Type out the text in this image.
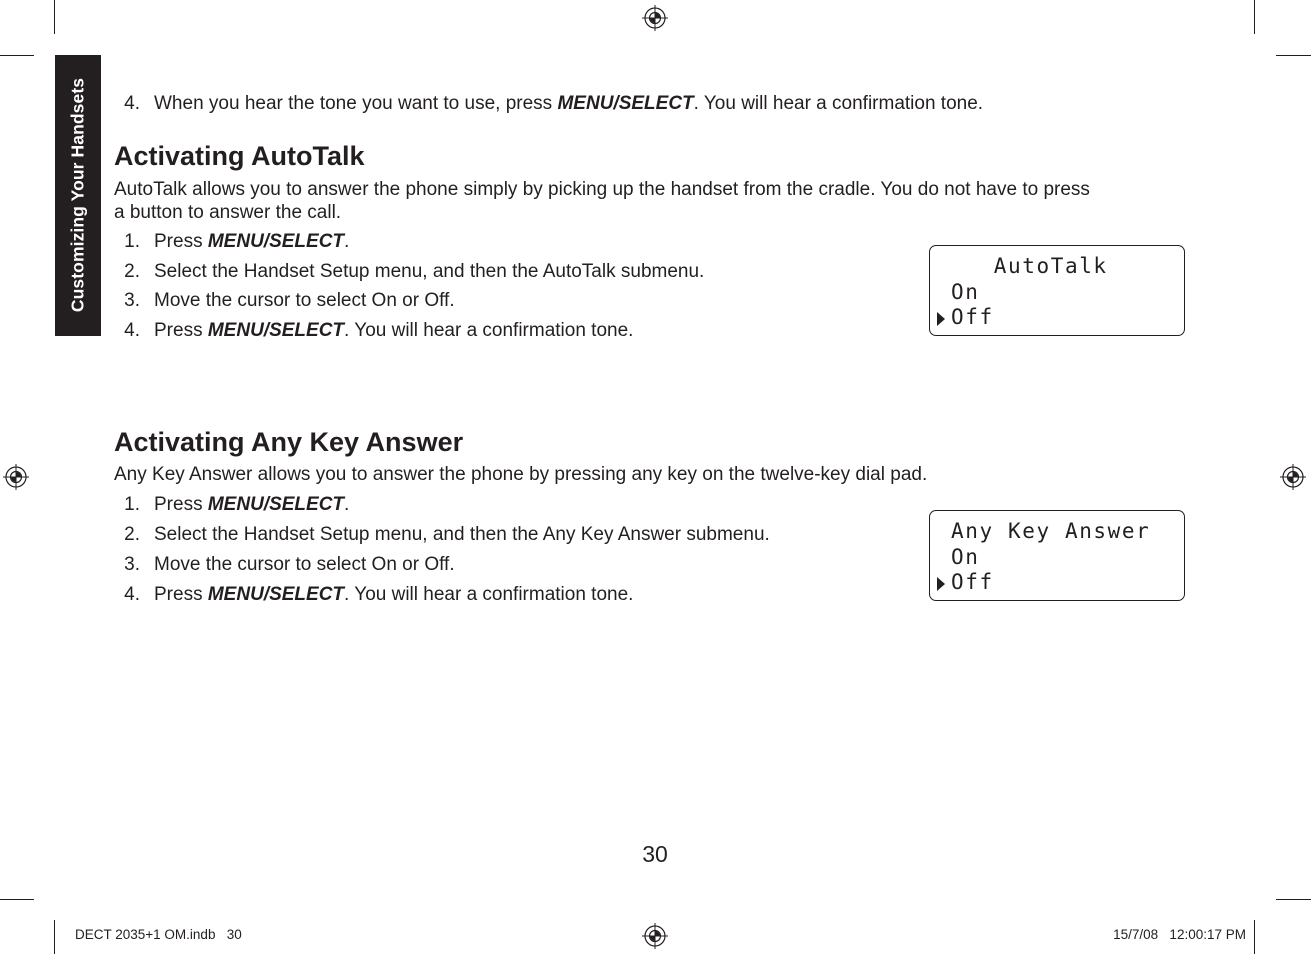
Customizing Your Handsets	4. When you hear the tone you want to use, press MENU/SELECT. You will hear a confirmation tone.
Activating AutoTalk
AutoTalk allows you to answer the phone simply by picking up the handset from the cradle. You do not have to press
a button to answer the call.
1. Press MENU/SELECT.
2. Select the Handset Setup menu, and then the AutoTalk submenu.
3. Move the cursor to select On or Off.
4. Press MENU/SELECT. You will hear a confirmation tone.
AutoTalk
On
Off
Activating Any Key Answer
Any Key Answer allows you to answer the phone by pressing any key on the twelve-key dial pad.
1. Press MENU/SELECT.
2. Select the Handset Setup menu, and then the Any Key Answer submenu.
3. Move the cursor to select On or Off.
4. Press MENU/SELECT. You will hear a confirmation tone.
Any Key Answer
On
Off
30
DECT 2035+1 OM.indb   30	15/7/08   12:00:17 PM
